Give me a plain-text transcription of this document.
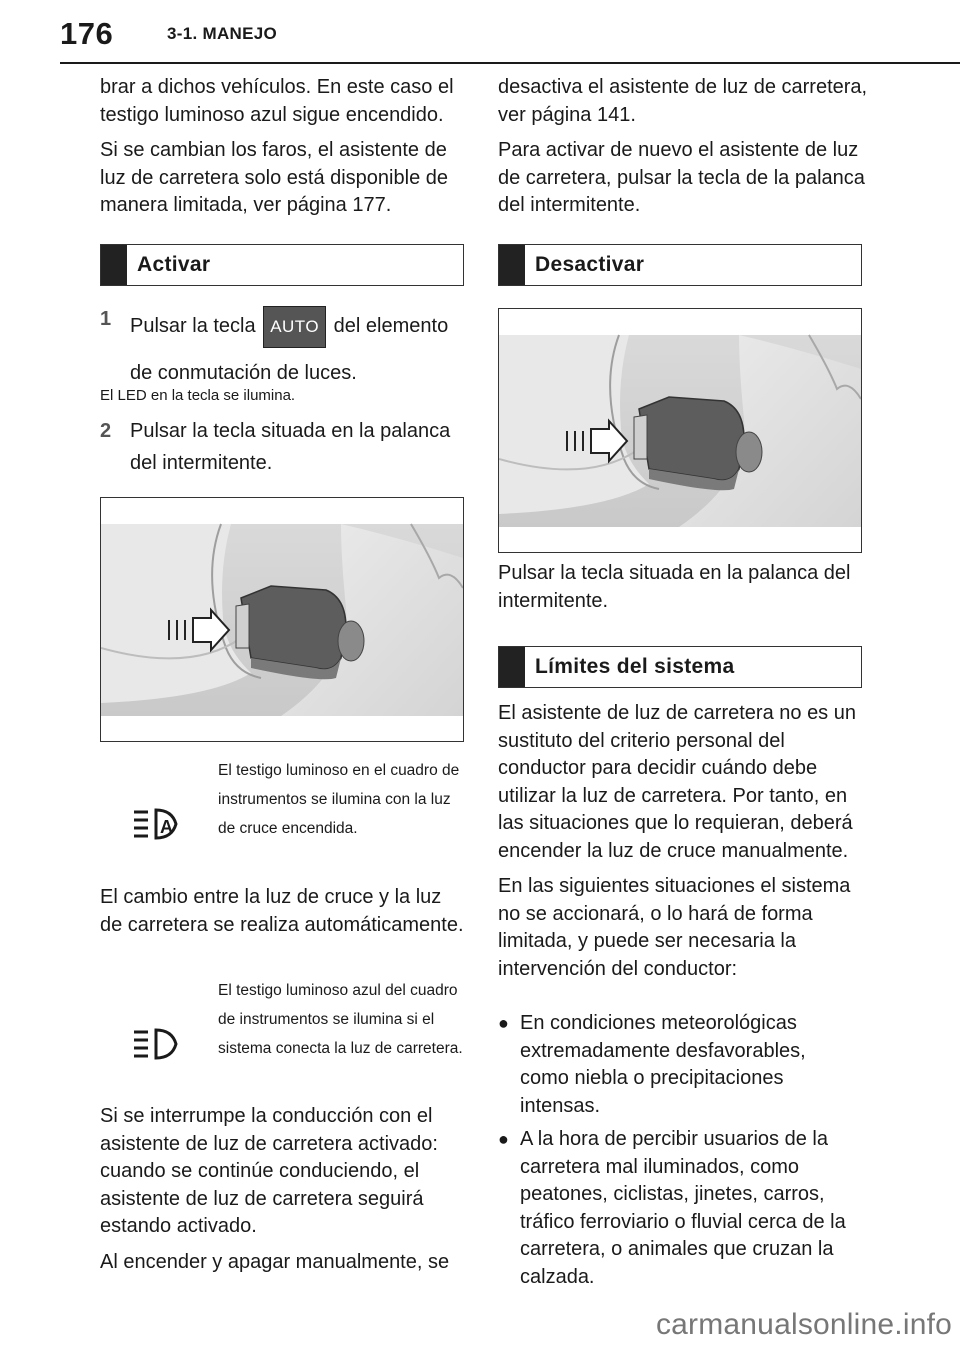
176	3-1. MANEJO

brar a dichos vehículos. En este caso el testigo luminoso azul sigue encendido.

Si se cambian los faros, el asistente de luz de carretera solo está disponible de manera limitada, ver página 177.

Activar
1 Pulsar la tecla AUTO del elemento
de conmutación de luces.
El LED en la tecla se ilumina.
2 Pulsar la tecla situada en la palanca
del intermitente.
A
El testigo luminoso en el cuadro de instrumentos se ilumina con la luz de cruce encendida.
El cambio entre la luz de cruce y la luz de carretera se realiza automáticamente.
El testigo luminoso azul del cuadro de instrumentos se ilumina si el sistema conecta la luz de carretera.

Si se interrumpe la conducción con el asistente de luz de carretera activado: cuando se continúe conduciendo, el asistente de luz de carretera seguirá estando activado.

Al encender y apagar manualmente, se

desactiva el asistente de luz de carretera, ver página 141.

Para activar de nuevo el asistente de luz de carretera, pulsar la tecla de la palanca del intermitente.

Desactivar
Pulsar la tecla situada en la palanca del intermitente.
Límites del sistema

El asistente de luz de carretera no es un sustituto del criterio personal del conductor para decidir cuándo debe utilizar la luz de carretera. Por tanto, en las situaciones que lo requieran, deberá encender la luz de cruce manualmente.

En las siguientes situaciones el sistema no se accionará, o lo hará de forma limitada, y puede ser necesaria la intervención del conductor:

● En condiciones meteorológicas extremadamente desfavorables, como niebla o precipitaciones intensas.
● A la hora de percibir usuarios de la carretera mal iluminados, como peatones, ciclistas, jinetes, carros, tráfico ferroviario o fluvial cerca de la carretera, o animales que cruzan la calzada.
carmanualsonline.info
